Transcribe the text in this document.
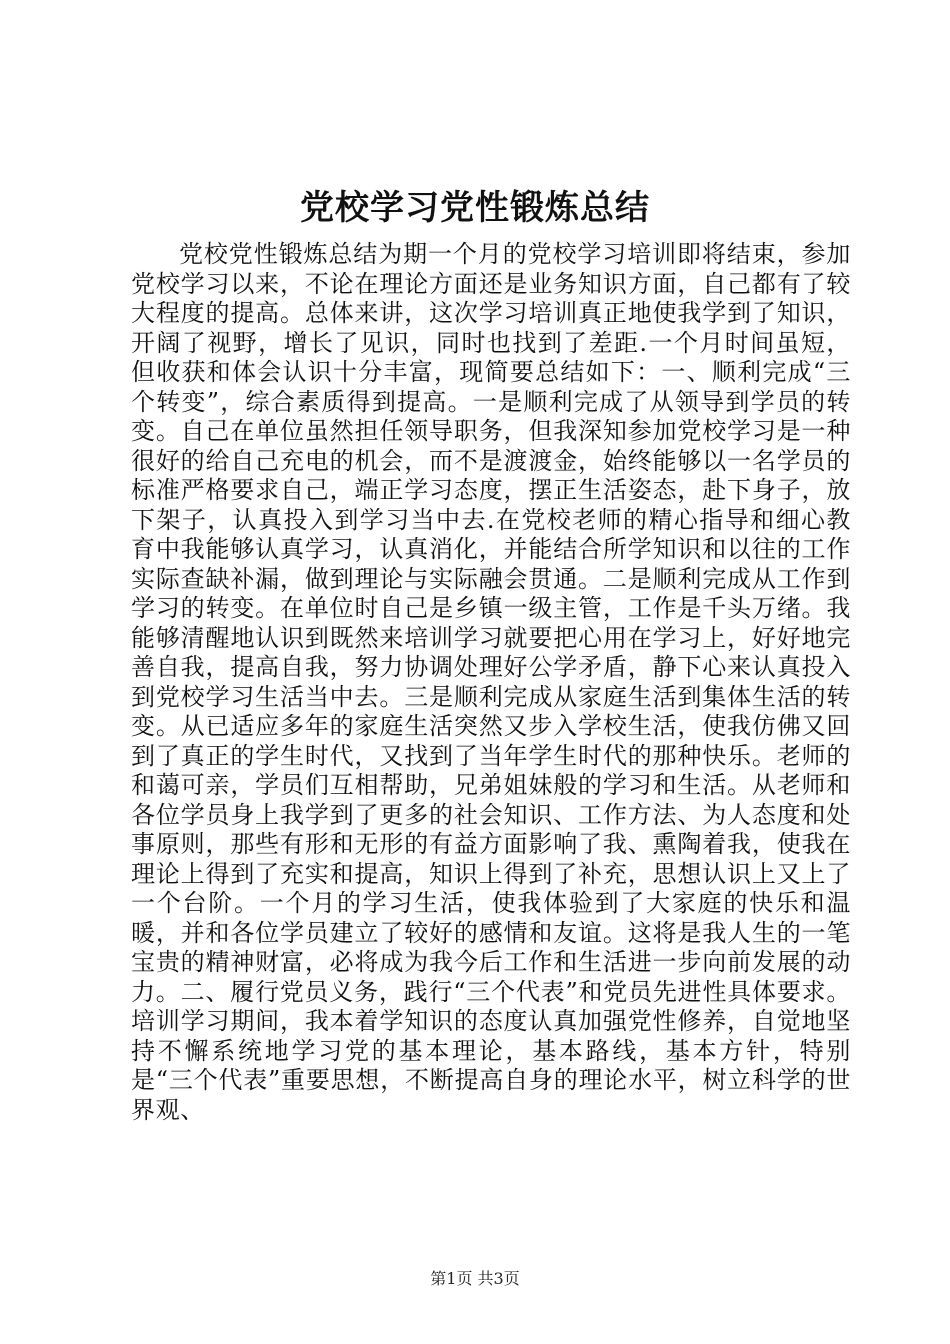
党校学习党性锻炼总结

党校党性锻炼总结为期一个月的党校学习培训即将结束，参加党校学习以来，不论在理论方面还是业务知识方面，自己都有了较大程度的提高。总体来讲，这次学习培训真正地使我学到了知识，开阔了视野，增长了见识，同时也找到了差距.一个月时间虽短，但收获和体会认识十分丰富，现简要总结如下：一、顺利完成“三个转变”，综合素质得到提高。一是顺利完成了从领导到学员的转变。自己在单位虽然担任领导职务，但我深知参加党校学习是一种很好的给自己充电的机会，而不是渡渡金，始终能够以一名学员的标准严格要求自己，端正学习态度，摆正生活姿态，赴下身子，放下架子，认真投入到学习当中去.在党校老师的精心指导和细心教育中我能够认真学习，认真消化，并能结合所学知识和以往的工作实际查缺补漏，做到理论与实际融会贯通。二是顺利完成从工作到学习的转变。在单位时自己是乡镇一级主管，工作是千头万绪。我能够清醒地认识到既然来培训学习就要把心用在学习上，好好地完善自我，提高自我，努力协调处理好公学矛盾，静下心来认真投入到党校学习生活当中去。三是顺利完成从家庭生活到集体生活的转变。从已适应多年的家庭生活突然又步入学校生活，使我仿佛又回到了真正的学生时代，又找到了当年学生时代的那种快乐。老师的和蔼可亲，学员们互相帮助，兄弟姐妹般的学习和生活。从老师和各位学员身上我学到了更多的社会知识、工作方法、为人态度和处事原则，那些有形和无形的有益方面影响了我、熏陶着我，使我在理论上得到了充实和提高，知识上得到了补充，思想认识上又上了一个台阶。一个月的学习生活，使我体验到了大家庭的快乐和温暖，并和各位学员建立了较好的感情和友谊。这将是我人生的一笔宝贵的精神财富，必将成为我今后工作和生活进一步向前发展的动力。二、履行党员义务，践行“三个代表”和党员先进性具体要求。培训学习期间，我本着学知识的态度认真加强党性修养，自觉地坚持不懈系统地学习党的基本理论，基本路线，基本方针，特别是“三个代表”重要思想，不断提高自身的理论水平，树立科学的世界观、

第1页 共3页
